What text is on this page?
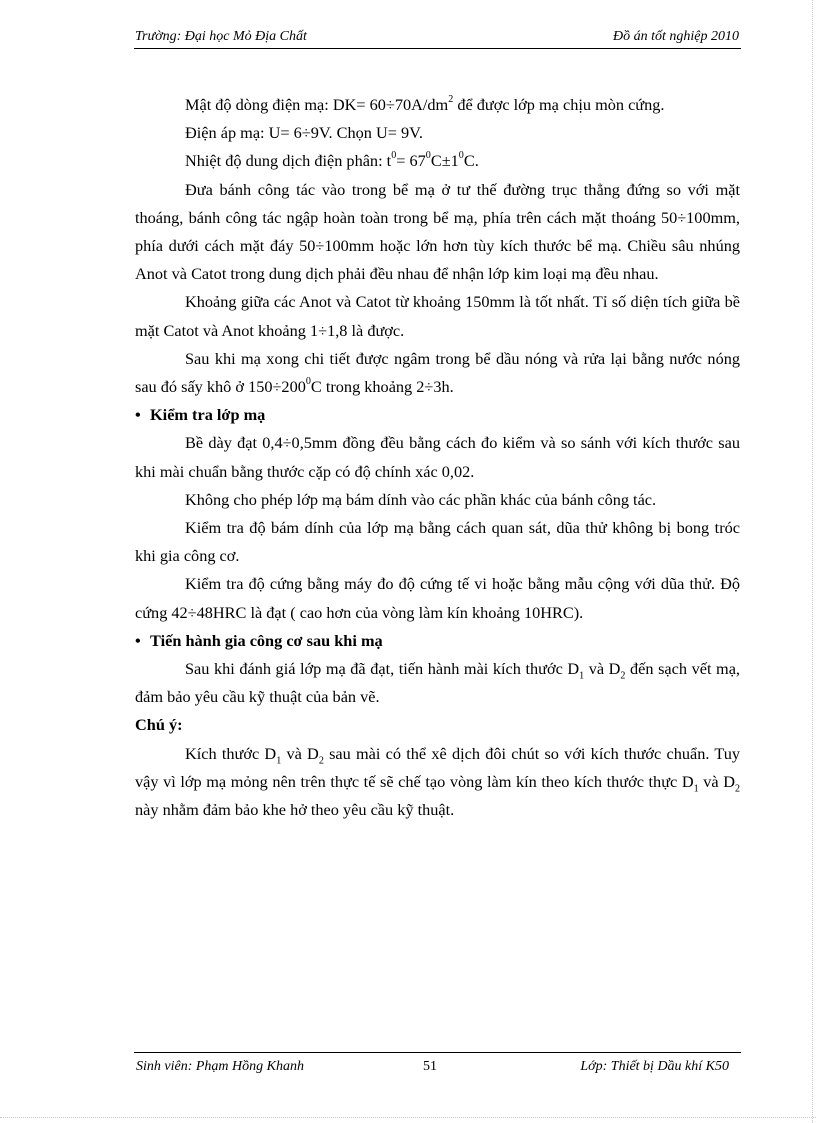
Trường: Đại học Mỏ Địa Chất	Đồ án tốt nghiệp 2010

Mật độ dòng điện mạ: $DK= 60\div 70A/dm^2$ để được lớp mạ chịu mòn cứng.

Điện áp mạ: U= 6÷9V. Chọn U= 9V.

Nhiệt độ dung dịch điện phân: $t^0= 67^0C\pm 1^0C$.

Đưa bánh công tác vào trong bể mạ ở tư thế đường trục thẳng đứng so với mặt thoáng, bánh công tác ngập hoàn toàn trong bể mạ, phía trên cách mặt thoáng 50÷100mm, phía dưới cách mặt đáy 50÷100mm hoặc lớn hơn tùy kích thước bể mạ. Chiều sâu nhúng Anot và Catot trong dung dịch phải đều nhau để nhận lớp kim loại mạ đều nhau.

Khoảng giữa các Anot và Catot từ khoảng 150mm là tốt nhất. Tỉ số diện tích giữa bề mặt Catot và Anot khoảng 1÷1,8 là được.

Sau khi mạ xong chi tiết được ngâm trong bể dầu nóng và rửa lại bằng nước nóng sau đó sấy khô ở $150\div 200^0C$ trong khoảng 2÷3h.

• Kiểm tra lớp mạ

Bề dày đạt 0,4÷0,5mm đồng đều bằng cách đo kiểm và so sánh với kích thước sau khi mài chuẩn bằng thước cặp có độ chính xác 0,02.

Không cho phép lớp mạ bám dính vào các phần khác của bánh công tác.

Kiểm tra độ bám dính của lớp mạ bằng cách quan sát, dũa thử không bị bong tróc khi gia công cơ.

Kiểm tra độ cứng bằng máy đo độ cứng tế vi hoặc bằng mẫu cộng với dũa thử. Độ cứng 42÷48HRC là đạt ( cao hơn của vòng làm kín khoảng 10HRC).

• Tiến hành gia công cơ sau khi mạ

Sau khi đánh giá lớp mạ đã đạt, tiến hành mài kích thước $D_1$ và $D_2$ đến sạch vết mạ, đảm bảo yêu cầu kỹ thuật của bản vẽ.

Chú ý:

Kích thước $D_1$ và $D_2$ sau mài có thể xê dịch đôi chút so với kích thước chuẩn. Tuy vậy vì lớp mạ mỏng nên trên thực tế sẽ chế tạo vòng làm kín theo kích thước thực $D_1$ và $D_2$ này nhằm đảm bảo khe hở theo yêu cầu kỹ thuật.

Sinh viên: Phạm Hồng Khanh	51	Lớp: Thiết bị Dầu khí K50
